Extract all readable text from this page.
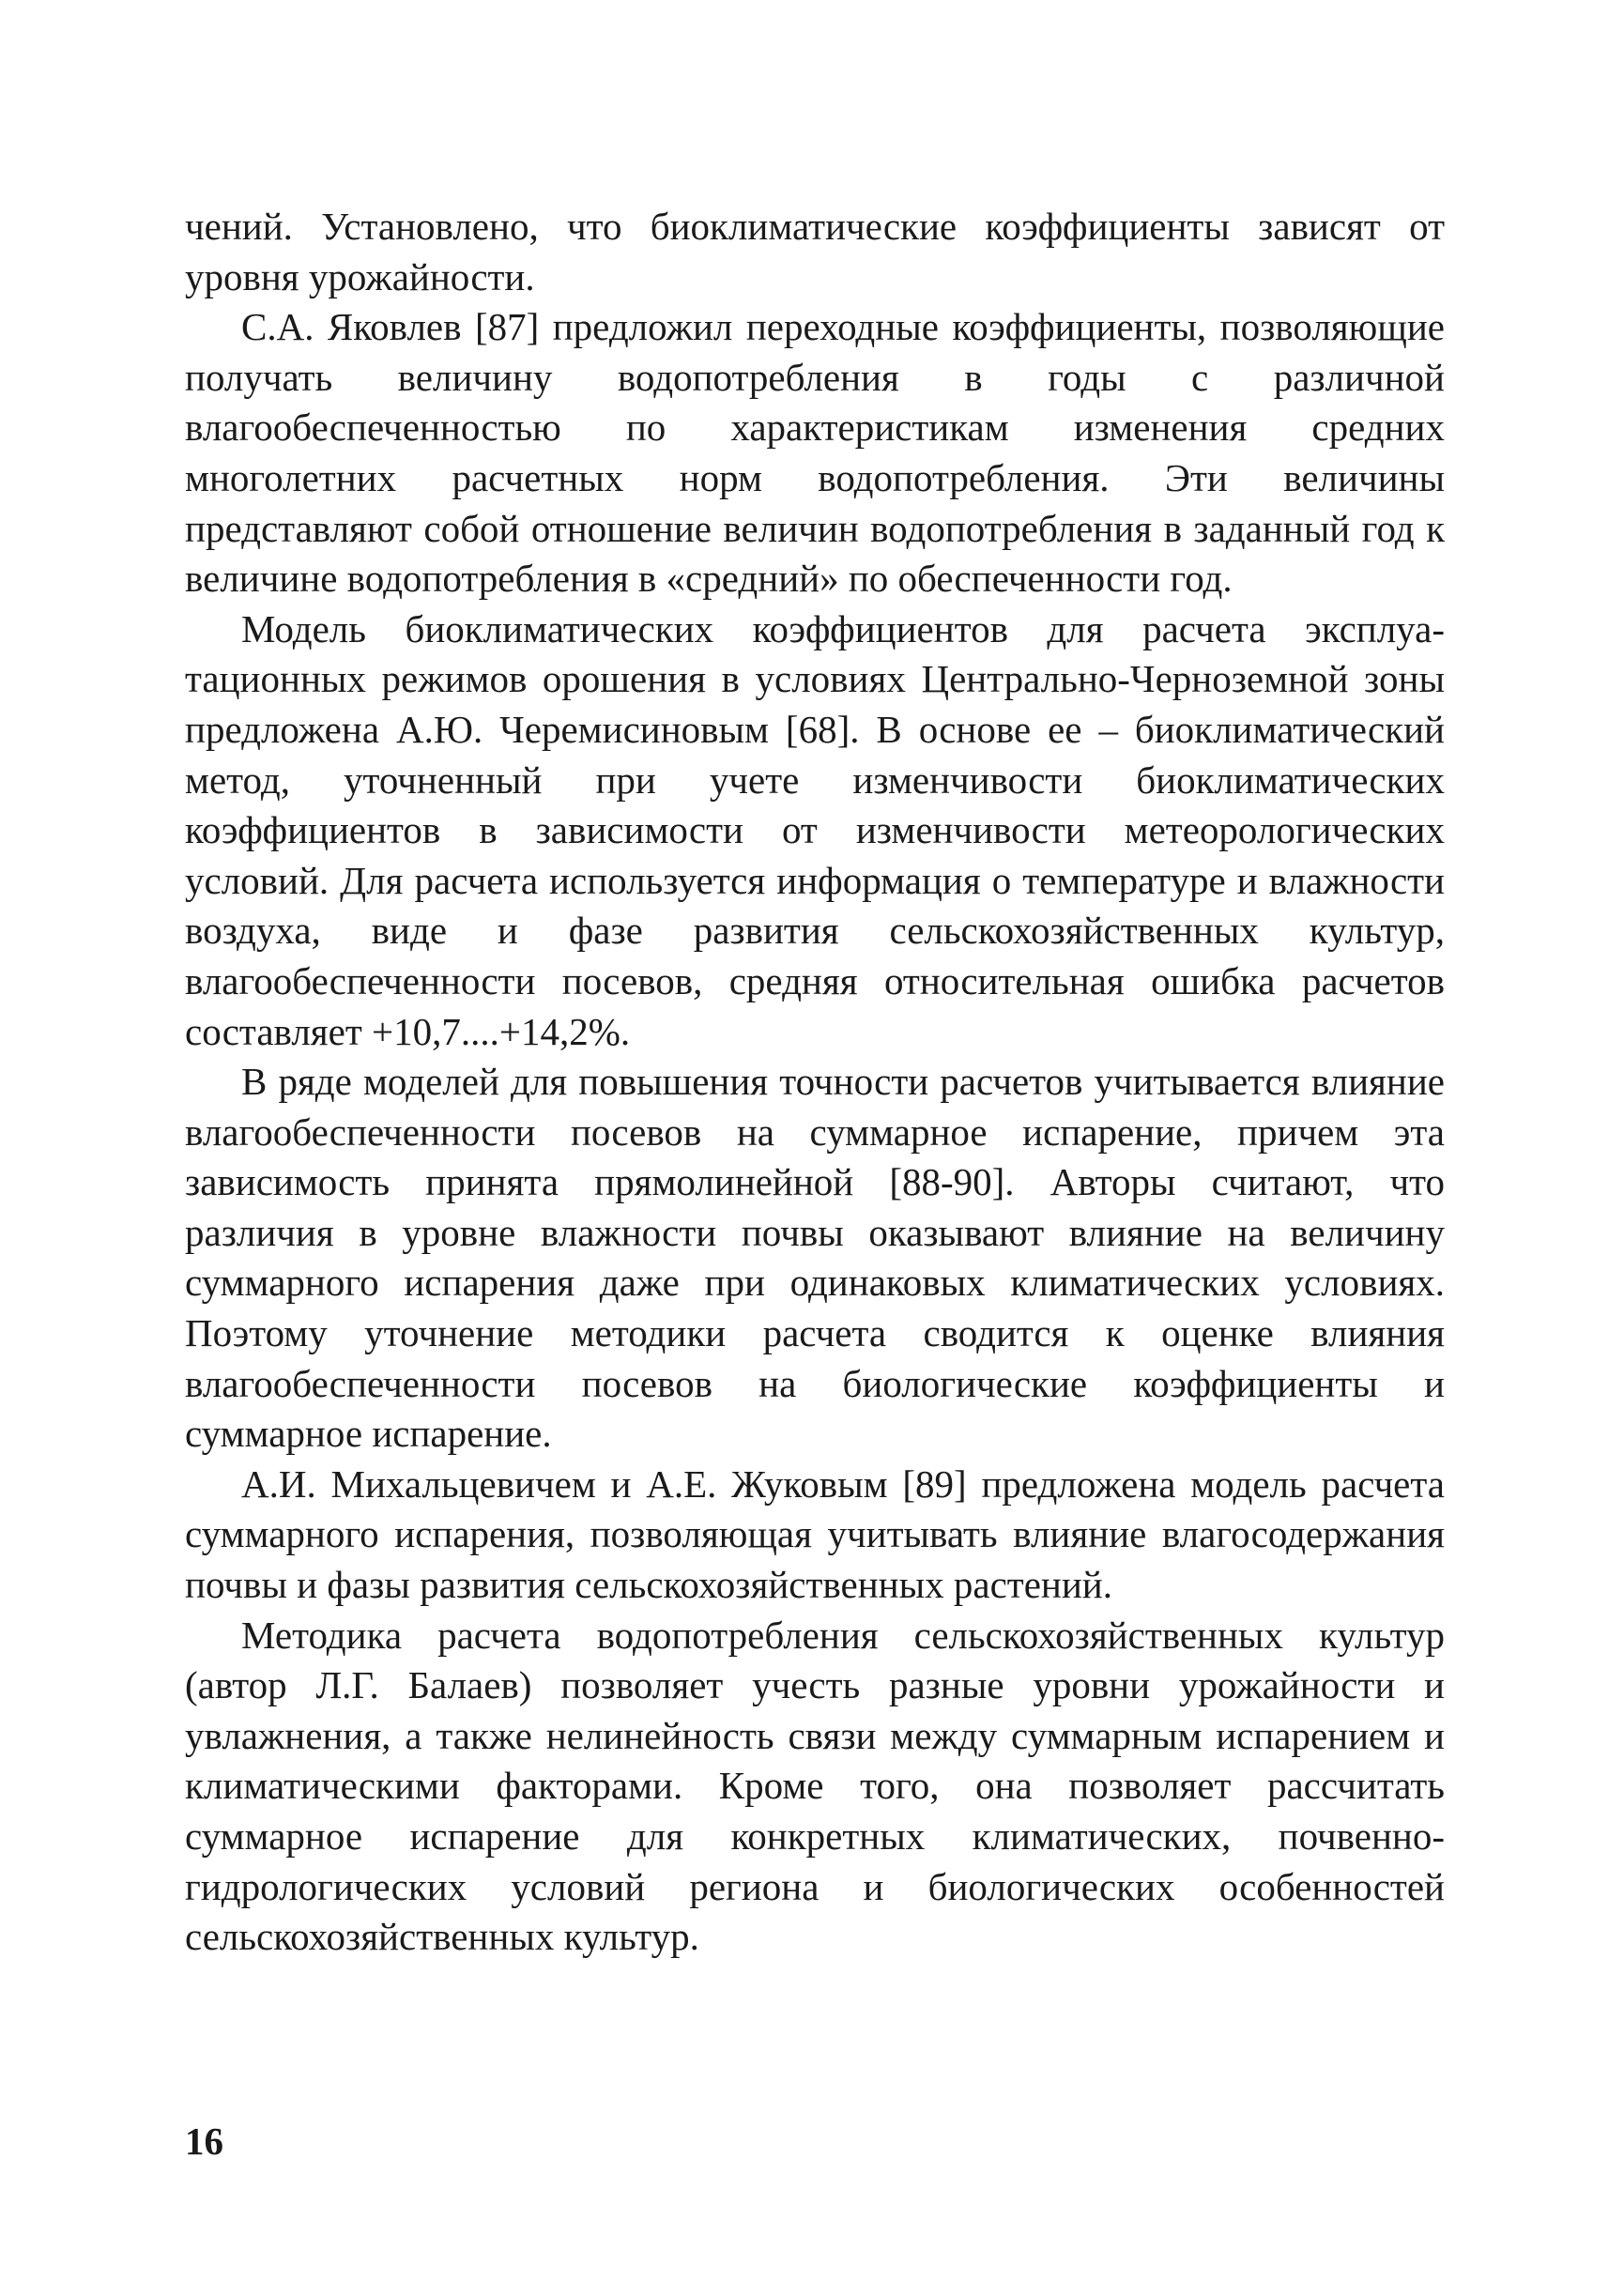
чений. Установлено, что биоклиматические коэффициенты зависят от уровня урожайности.

С.А. Яковлев [87] предложил переходные коэффициенты, позволяющие получать величину водопотребления в годы с различной влагообеспеченностью по характеристикам изменения средних многолетних расчетных норм водопотребления. Эти величины представляют собой отношение величин водопотребления в заданный год к величине водопотребления в «средний» по обеспеченности год.

Модель биоклиматических коэффициентов для расчета эксплуатационных режимов орошения в условиях Центрально-Черноземной зоны предложена А.Ю. Черемисиновым [68]. В основе ее – биоклиматический метод, уточненный при учете изменчивости биоклиматических коэффициентов в зависимости от изменчивости метеорологических условий. Для расчета используется информация о температуре и влажности воздуха, виде и фазе развития сельскохозяйственных культур, влагообеспеченности посевов, средняя относительная ошибка расчетов составляет +10,7....+14,2%.

В ряде моделей для повышения точности расчетов учитывается влияние влагообеспеченности посевов на суммарное испарение, причем эта зависимость принята прямолинейной [88-90]. Авторы считают, что различия в уровне влажности почвы оказывают влияние на величину суммарного испарения даже при одинаковых климатических условиях. Поэтому уточнение методики расчета сводится к оценке влияния влагообеспеченности посевов на биологические коэффициенты и суммарное испарение.

А.И. Михальцевичем и А.Е. Жуковым [89] предложена модель расчета суммарного испарения, позволяющая учитывать влияние влагосодержания почвы и фазы развития сельскохозяйственных растений.

Методика расчета водопотребления сельскохозяйственных культур (автор Л.Г. Балаев) позволяет учесть разные уровни урожайности и увлажнения, а также нелинейность связи между суммарным испарением и климатическими факторами. Кроме того, она позволяет рассчитать суммарное испарение для конкретных климатических, почвенно-гидрологических условий региона и биологических особенностей сельскохозяйственных культур.

16
